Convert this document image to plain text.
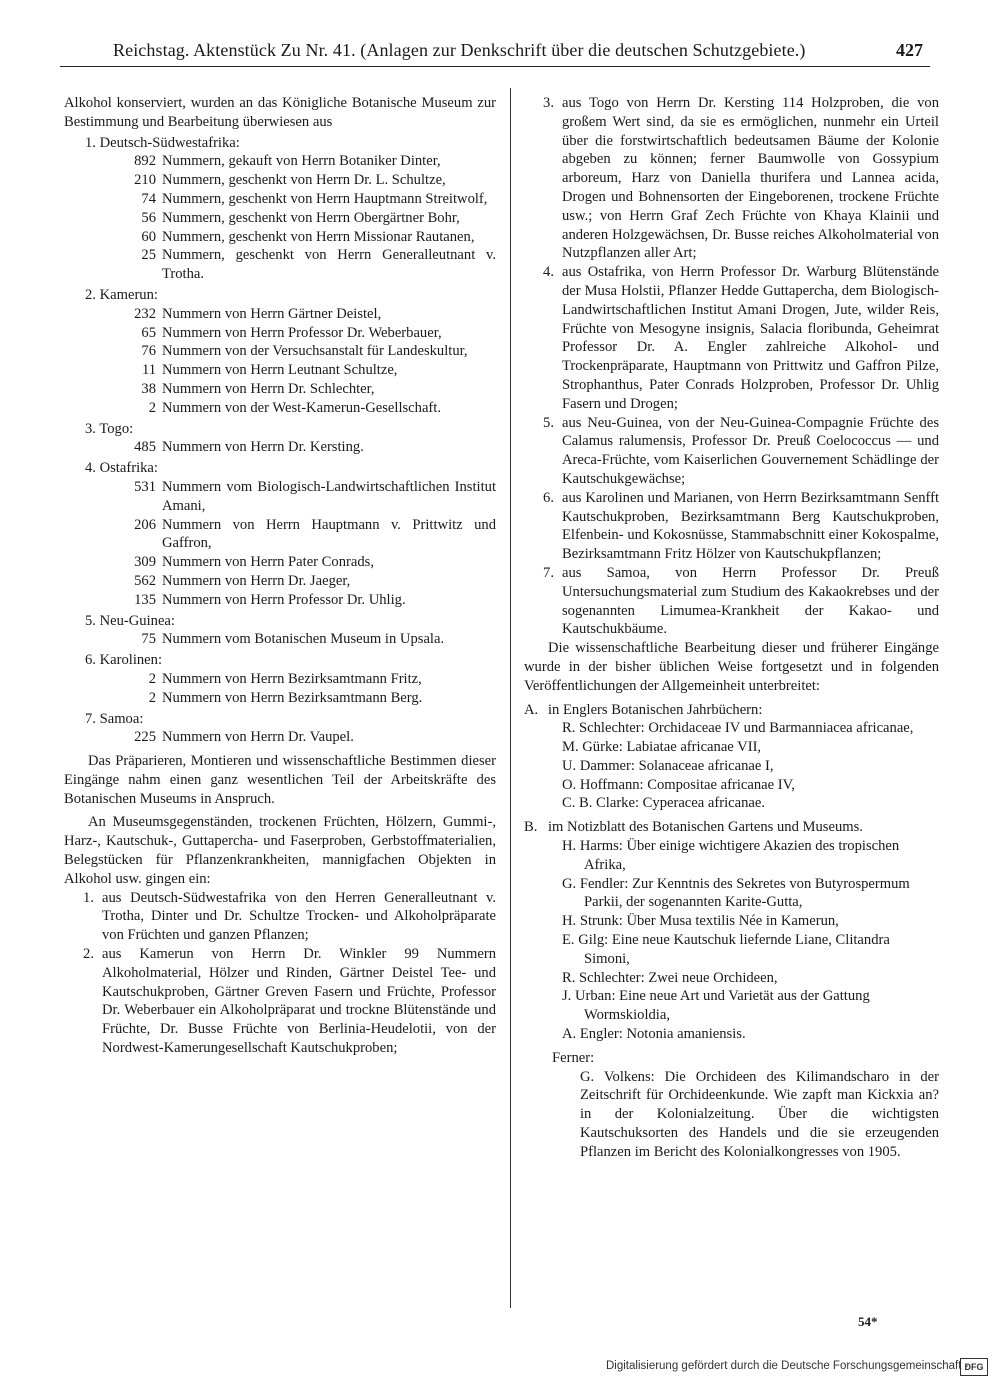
Reichstag. Aktenstück Zu Nr. 41. (Anlagen zur Denkschrift über die deutschen Schutzgebiete.)	427

Alkohol konserviert, wurden an das Königliche Botanische Museum zur Bestimmung und Bearbeitung überwiesen aus

1. Deutsch-Südwestafrika:
892 Nummern, gekauft von Herrn Botaniker Dinter,
210 Nummern, geschenkt von Herrn Dr. L. Schultze,
74 Nummern, geschenkt von Herrn Hauptmann Streitwolf,
56 Nummern, geschenkt von Herrn Obergärtner Bohr,
60 Nummern, geschenkt von Herrn Missionar Rautanen,
25 Nummern, geschenkt von Herrn Generalleutnant v. Trotha.
2. Kamerun:
232 Nummern von Herrn Gärtner Deistel,
65 Nummern von Herrn Professor Dr. Weberbauer,
76 Nummern von der Versuchsanstalt für Landeskultur,
11 Nummern von Herrn Leutnant Schultze,
38 Nummern von Herrn Dr. Schlechter,
2 Nummern von der West-Kamerun-Gesellschaft.
3. Togo:
485 Nummern von Herrn Dr. Kersting.
4. Ostafrika:
531 Nummern vom Biologisch-Landwirtschaftlichen Institut Amani,
206 Nummern von Herrn Hauptmann v. Prittwitz und Gaffron,
309 Nummern von Herrn Pater Conrads,
562 Nummern von Herrn Dr. Jaeger,
135 Nummern von Herrn Professor Dr. Uhlig.
5. Neu-Guinea:
75 Nummern vom Botanischen Museum in Upsala.
6. Karolinen:
2 Nummern von Herrn Bezirksamtmann Fritz,
2 Nummern von Herrn Bezirksamtmann Berg.
7. Samoa:
225 Nummern von Herrn Dr. Vaupel.

Das Präparieren, Montieren und wissenschaftliche Bestimmen dieser Eingänge nahm einen ganz wesentlichen Teil der Arbeitskräfte des Botanischen Museums in Anspruch.

An Museumsgegenständen, trockenen Früchten, Hölzern, Gummi-, Harz-, Kautschuk-, Guttapercha- und Faserproben, Gerbstoffmaterialien, Belegstücken für Pflanzenkrankheiten, mannigfachen Objekten in Alkohol usw. gingen ein:

1. aus Deutsch-Südwestafrika von den Herren Generalleutnant v. Trotha, Dinter und Dr. Schultze Trocken- und Alkoholpräparate von Früchten und ganzen Pflanzen;
2. aus Kamerun von Herrn Dr. Winkler 99 Nummern Alkoholmaterial, Hölzer und Rinden, Gärtner Deistel Tee- und Kautschukproben, Gärtner Greven Fasern und Früchte, Professor Dr. Weberbauer ein Alkoholpräparat und trockne Blütenstände und Früchte, Dr. Busse Früchte von Berlinia-Heudelotii, von der Nordwest-Kamerungesellschaft Kautschukproben;
3. aus Togo von Herrn Dr. Kersting 114 Holzproben, die von großem Wert sind, da sie es ermöglichen, nunmehr ein Urteil über die forstwirtschaftlich bedeutsamen Bäume der Kolonie abgeben zu können; ferner Baumwolle von Gossypium arboreum, Harz von Daniella thurifera und Lannea acida, Drogen und Bohnensorten der Eingeborenen, trockene Früchte usw.; von Herrn Graf Zech Früchte von Khaya Klainii und anderen Holzgewächsen, Dr. Busse reiches Alkoholmaterial von Nutzpflanzen aller Art;
4. aus Ostafrika, von Herrn Professor Dr. Warburg Blütenstände der Musa Holstii, Pflanzer Hedde Guttapercha, dem Biologisch-Landwirtschaftlichen Institut Amani Drogen, Jute, wilder Reis, Früchte von Mesogyne insignis, Salacia floribunda, Geheimrat Professor Dr. A. Engler zahlreiche Alkohol- und Trockenpräparate, Hauptmann von Prittwitz und Gaffron Pilze, Strophanthus, Pater Conrads Holzproben, Professor Dr. Uhlig Fasern und Drogen;
5. aus Neu-Guinea, von der Neu-Guinea-Compagnie Früchte des Calamus ralumensis, Professor Dr. Preuß Coelococcus — und Areca-Früchte, vom Kaiserlichen Gouvernement Schädlinge der Kautschukgewächse;
6. aus Karolinen und Marianen, von Herrn Bezirksamtmann Senfft Kautschukproben, Bezirksamtmann Berg Kautschukproben, Elfenbein- und Kokosnüsse, Stammabschnitt einer Kokospalme, Bezirksamtmann Fritz Hölzer von Kautschukpflanzen;
7. aus Samoa, von Herrn Professor Dr. Preuß Untersuchungsmaterial zum Studium des Kakaokrebses und der sogenannten Limumea-Krankheit der Kakao- und Kautschukbäume.

Die wissenschaftliche Bearbeitung dieser und früherer Eingänge wurde in der bisher üblichen Weise fortgesetzt und in folgenden Veröffentlichungen der Allgemeinheit unterbreitet:

A. in Englers Botanischen Jahrbüchern:

R. Schlechter: Orchidaceae IV und Barmanniacea africanae,

M. Gürke: Labiatae africanae VII,

U. Dammer: Solanaceae africanae I,

O. Hoffmann: Compositae africanae IV,

C. B. Clarke: Cyperacea africanae.

B. im Notizblatt des Botanischen Gartens und Museums.

H. Harms: Über einige wichtigere Akazien des tropischen Afrika,

G. Fendler: Zur Kenntnis des Sekretes von Butyrospermum Parkii, der sogenannten Karite-Gutta,

H. Strunk: Über Musa textilis Née in Kamerun,

E. Gilg: Eine neue Kautschuk liefernde Liane, Clitandra Simoni,

R. Schlechter: Zwei neue Orchideen,

J. Urban: Eine neue Art und Varietät aus der Gattung Wormskioldia,

A. Engler: Notonia amaniensis.

Ferner:

G. Volkens: Die Orchideen des Kilimandscharo in der Zeitschrift für Orchideenkunde. Wie zapft man Kickxia an? in der Kolonialzeitung. Über die wichtigsten Kautschuksorten des Handels und die sie erzeugenden Pflanzen im Bericht des Kolonialkongresses von 1905.

54*
Digitalisierung gefördert durch die Deutsche Forschungsgemeinschaft -
DFG
